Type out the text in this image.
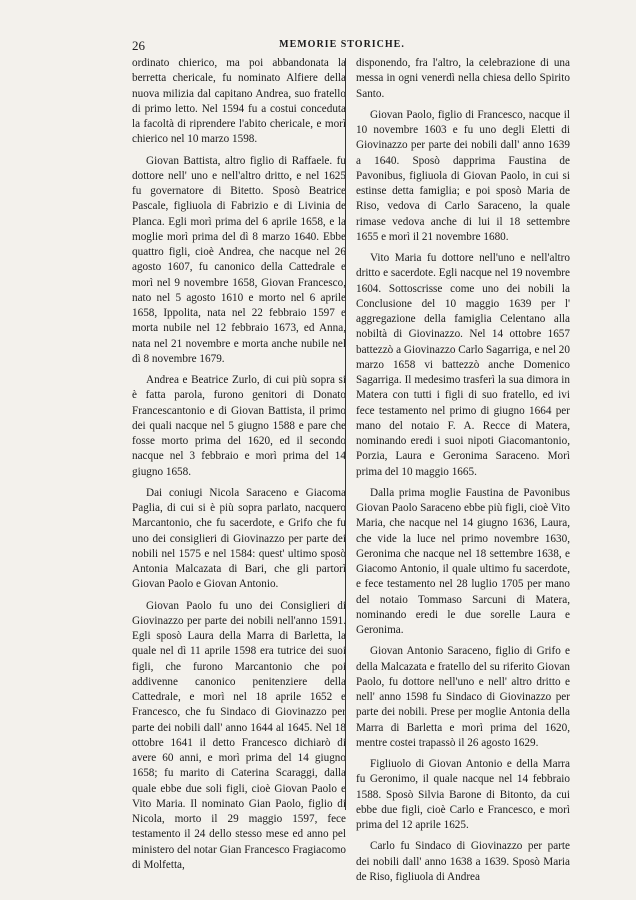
26	MEMORIE STORICHE.

ordinato chierico, ma poi abbandonata la berretta chericale, fu nominato Alfiere della nuova milizia dal capitano Andrea, suo fratello di primo letto. Nel 1594 fu a costui conceduta la facoltà di riprendere l'abito chericale, e morì chierico nel 10 marzo 1598.

Giovan Battista, altro figlio di Raffaele. fu dottore nell' uno e nell'altro dritto, e nel 1625 fu governatore di Bitetto. Sposò Beatrice Pascale, figliuola di Fabrizio e di Livinia de Planca. Egli morì prima del 6 aprile 1658, e la moglie morì prima del dì 8 marzo 1640. Ebbe quattro figli, cioè Andrea, che nacque nel 26 agosto 1607, fu canonico della Cattedrale e morì nel 9 novembre 1658, Giovan Francesco, nato nel 5 agosto 1610 e morto nel 6 aprile 1658, Ippolita, nata nel 22 febbraio 1597 e morta nubile nel 12 febbraio 1673, ed Anna, nata nel 21 novembre e morta anche nubile nel dì 8 novembre 1679.

Andrea e Beatrice Zurlo, di cui più sopra si è fatta parola, furono genitori di Donato Francescantonio e di Giovan Battista, il primo dei quali nacque nel 5 giugno 1588 e pare che fosse morto prima del 1620, ed il secondo nacque nel 3 febbraio e morì prima del 14 giugno 1658.

Dai coniugi Nicola Saraceno e Giacoma Paglia, di cui si è più sopra parlato, nacquero Marcantonio, che fu sacerdote, e Grifo che fu uno dei consiglieri di Giovinazzo per parte dei nobili nel 1575 e nel 1584: quest' ultimo sposò Antonia Malcazata di Bari, che gli partorì Giovan Paolo e Giovan Antonio.

Giovan Paolo fu uno dei Consiglieri di Giovinazzo per parte dei nobili nell'anno 1591. Egli sposò Laura della Marra di Barletta, la quale nel dì 11 aprile 1598 era tutrice dei suoi figli, che furono Marcantonio che poi addivenne canonico penitenziere della Cattedrale, e morì nel 18 aprile 1652 e Francesco, che fu Sindaco di Giovinazzo per parte dei nobili dall' anno 1644 al 1645. Nel 18 ottobre 1641 il detto Francesco dichiarò di avere 60 anni, e morì prima del 14 giugno 1658; fu marito di Caterina Scaraggi, dalla quale ebbe due soli figli, cioè Giovan Paolo e Vito Maria. Il nominato Gian Paolo, figlio di Nicola, morto il 29 maggio 1597, fece testamento il 24 dello stesso mese ed anno pel ministero del notar Gian Francesco Fragiacomo di Molfetta,

disponendo, fra l'altro, la celebrazione di una messa in ogni venerdì nella chiesa dello Spirito Santo.

Giovan Paolo, figlio di Francesco, nacque il 10 novembre 1603 e fu uno degli Eletti di Giovinazzo per parte dei nobili dall' anno 1639 a 1640. Sposò dapprima Faustina de Pavonibus, figliuola di Giovan Paolo, in cui si estinse detta famiglia; e poi sposò Maria de Riso, vedova di Carlo Saraceno, la quale rimase vedova anche di lui il 18 settembre 1655 e morì il 21 novembre 1680.

Vito Maria fu dottore nell'uno e nell'altro dritto e sacerdote. Egli nacque nel 19 novembre 1604. Sottoscrisse come uno dei nobili la Conclusione del 10 maggio 1639 per l' aggregazione della famiglia Celentano alla nobiltà di Giovinazzo. Nel 14 ottobre 1657 battezzò a Giovinazzo Carlo Sagarriga, e nel 20 marzo 1658 vi battezzò anche Domenico Sagarriga. Il medesimo trasferì la sua dimora in Matera con tutti i figli di suo fratello, ed ivi fece testamento nel primo di giugno 1664 per mano del notaio F. A. Recce di Matera, nominando eredi i suoi nipoti Giacomantonio, Porzia, Laura e Geronima Saraceno. Morì prima del 10 maggio 1665.

Dalla prima moglie Faustina de Pavonibus Giovan Paolo Saraceno ebbe più figli, cioè Vito Maria, che nacque nel 14 giugno 1636, Laura, che vide la luce nel primo novembre 1630, Geronima che nacque nel 18 settembre 1638, e Giacomo Antonio, il quale ultimo fu sacerdote, e fece testamento nel 28 luglio 1705 per mano del notaio Tommaso Sarcuni di Matera, nominando eredi le due sorelle Laura e Geronima.

Giovan Antonio Saraceno, figlio di Grifo e della Malcazata e fratello del su riferito Giovan Paolo, fu dottore nell'uno e nell' altro dritto e nell' anno 1598 fu Sindaco di Giovinazzo per parte dei nobili. Prese per moglie Antonia della Marra di Barletta e morì prima del 1620, mentre costei trapassò il 26 agosto 1629.

Figliuolo di Giovan Antonio e della Marra fu Geronimo, il quale nacque nel 14 febbraio 1588. Sposò Silvia Barone di Bitonto, da cui ebbe due figli, cioè Carlo e Francesco, e morì prima del 12 aprile 1625.

Carlo fu Sindaco di Giovinazzo per parte dei nobili dall' anno 1638 a 1639. Sposò Maria de Riso, figliuola di Andrea
